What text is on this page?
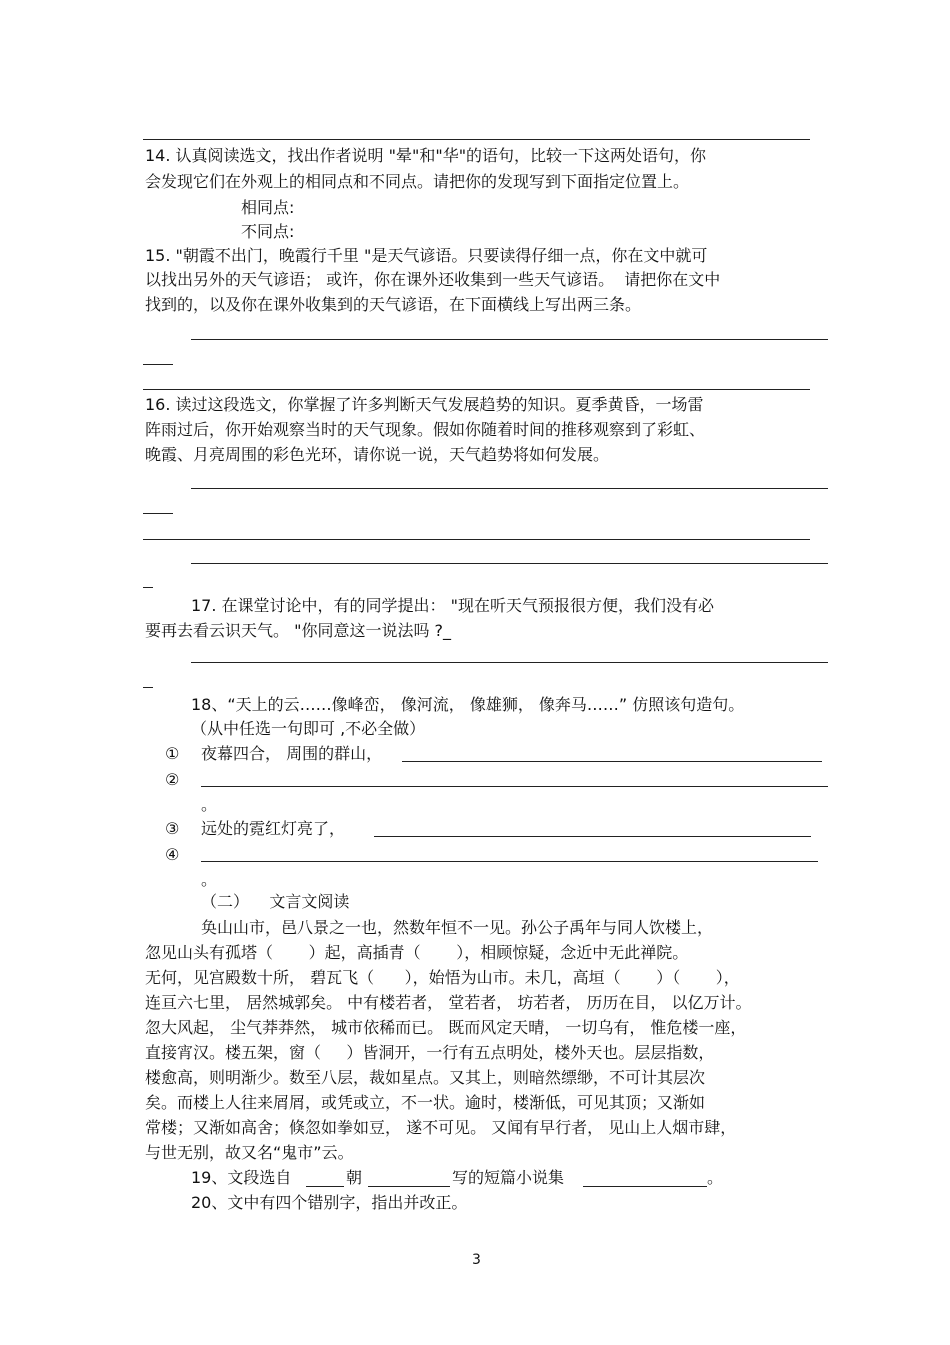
14. 认真阅读选文，找出作者说明 "晕"和"华"的语句，比较一下这两处语句，你
会发现它们在外观上的相同点和不同点。请把你的发现写到下面指定位置上。
相同点:
不同点:
15. "朝霞不出门，晚霞行千里 "是天气谚语。只要读得仔细一点，你在文中就可
以找出另外的天气谚语； 或许，你在课外还收集到一些天气谚语。  请把你在文中
找到的，以及你在课外收集到的天气谚语，在下面横线上写出两三条。
16. 读过这段选文，你掌握了许多判断天气发展趋势的知识。夏季黄昏，一场雷
阵雨过后，你开始观察当时的天气现象。假如你随着时间的推移观察到了彩虹、
晚霞、月亮周围的彩色光环，请你说一说，天气趋势将如何发展。
17. 在课堂讨论中，有的同学提出： "现在听天气预报很方便，我们没有必
要再去看云识天气。 "你同意这一说法吗 ?_
18、“天上的云……像峰峦， 像河流， 像雄狮， 像奔马……” 仿照该句造句。
（从中任选一句即可 ,不必全做）
① 夜幕四合， 周围的群山，
②
。
③ 远处的霓红灯亮了，
④
。
（二）    文言文阅读
奂山山市，邑八景之一也，然数年恒不一见。孙公子禹年与同人饮楼上，
忽见山头有孤塔（       ）起，高插青（       ），相顾惊疑，念近中无此禅院。
无何，见宫殿数十所， 碧瓦飞（      ），始悟为山市。未几，高垣（       ）（       ），
连亘六七里， 居然城郭矣。 中有楼若者， 堂若者， 坊若者， 历历在目， 以亿万计。
忽大风起， 尘气莽莽然， 城市依稀而已。 既而风定天晴， 一切乌有， 惟危楼一座，
直接宵汉。楼五架，窗（     ）皆洞开，一行有五点明处，楼外天也。层层指数，
楼愈高，则明渐少。数至八层，裁如星点。又其上，则暗然缥缈，不可计其层次
矣。而楼上人往来屑屑，或凭或立，不一状。逾时，楼渐低，可见其顶；又渐如
常楼；又渐如高舍；倏忽如拳如豆， 遂不可见。 又闻有早行者， 见山上人烟市肆，
与世无别，故又名“鬼市”云。
19、文段选自	朝	写的短篇小说集	。
20、文中有四个错别字，指出并改正。
3
